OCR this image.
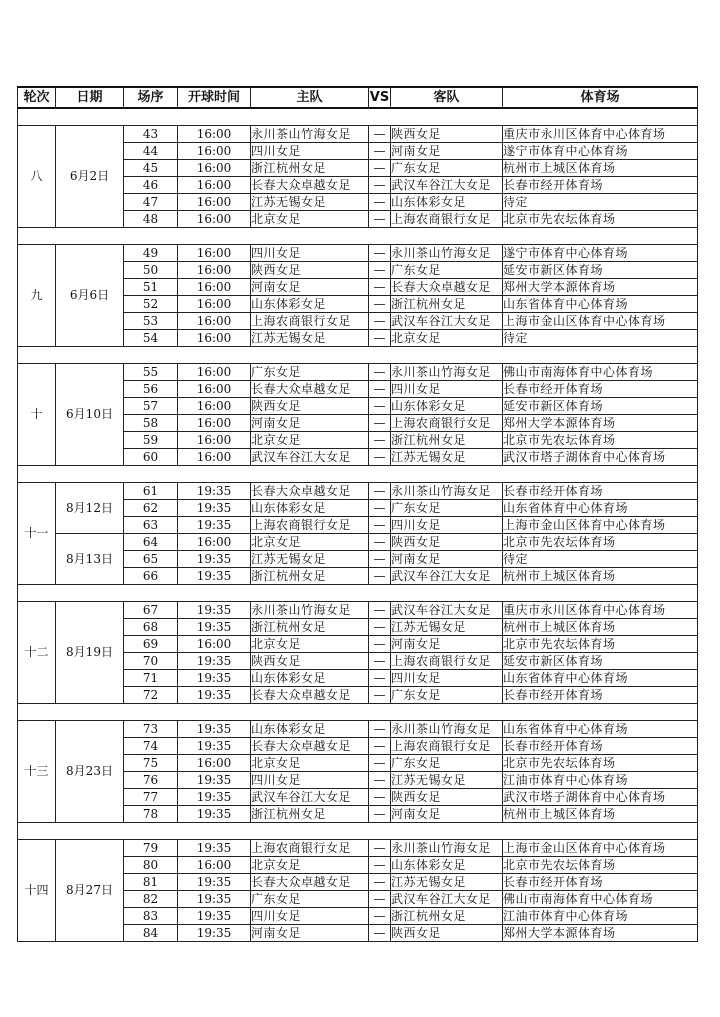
轮次	日期	场序	开球时间	主队	VS	客队	体育场

八	6月2日	43	16:00	永川茶山竹海女足	—	陕西女足	重庆市永川区体育中心体育场
		44	16:00	四川女足	—	河南女足	遂宁市体育中心体育场
		45	16:00	浙江杭州女足	—	广东女足	杭州市上城区体育场
		46	16:00	长春大众卓越女足	—	武汉车谷江大女足	长春市经开体育场
		47	16:00	江苏无锡女足	—	山东体彩女足	待定
		48	16:00	北京女足	—	上海农商银行女足	北京市先农坛体育场

九	6月6日	49	16:00	四川女足	—	永川茶山竹海女足	遂宁市体育中心体育场
		50	16:00	陕西女足	—	广东女足	延安市新区体育场
		51	16:00	河南女足	—	长春大众卓越女足	郑州大学本源体育场
		52	16:00	山东体彩女足	—	浙江杭州女足	山东省体育中心体育场
		53	16:00	上海农商银行女足	—	武汉车谷江大女足	上海市金山区体育中心体育场
		54	16:00	江苏无锡女足	—	北京女足	待定

十	6月10日	55	16:00	广东女足	—	永川茶山竹海女足	佛山市南海体育中心体育场
		56	16:00	长春大众卓越女足	—	四川女足	长春市经开体育场
		57	16:00	陕西女足	—	山东体彩女足	延安市新区体育场
		58	16:00	河南女足	—	上海农商银行女足	郑州大学本源体育场
		59	16:00	北京女足	—	浙江杭州女足	北京市先农坛体育场
		60	16:00	武汉车谷江大女足	—	江苏无锡女足	武汉市塔子湖体育中心体育场

十一	8月12日	61	19:35	长春大众卓越女足	—	永川茶山竹海女足	长春市经开体育场
		62	19:35	山东体彩女足	—	广东女足	山东省体育中心体育场
		63	19:35	上海农商银行女足	—	四川女足	上海市金山区体育中心体育场
	8月13日	64	16:00	北京女足	—	陕西女足	北京市先农坛体育场
		65	19:35	江苏无锡女足	—	河南女足	待定
		66	19:35	浙江杭州女足	—	武汉车谷江大女足	杭州市上城区体育场

十二	8月19日	67	19:35	永川茶山竹海女足	—	武汉车谷江大女足	重庆市永川区体育中心体育场
		68	19:35	浙江杭州女足	—	江苏无锡女足	杭州市上城区体育场
		69	16:00	北京女足	—	河南女足	北京市先农坛体育场
		70	19:35	陕西女足	—	上海农商银行女足	延安市新区体育场
		71	19:35	山东体彩女足	—	四川女足	山东省体育中心体育场
		72	19:35	长春大众卓越女足	—	广东女足	长春市经开体育场

十三	8月23日	73	19:35	山东体彩女足	—	永川茶山竹海女足	山东省体育中心体育场
		74	19:35	长春大众卓越女足	—	上海农商银行女足	长春市经开体育场
		75	16:00	北京女足	—	广东女足	北京市先农坛体育场
		76	19:35	四川女足	—	江苏无锡女足	江油市体育中心体育场
		77	19:35	武汉车谷江大女足	—	陕西女足	武汉市塔子湖体育中心体育场
		78	19:35	浙江杭州女足	—	河南女足	杭州市上城区体育场

十四	8月27日	79	19:35	上海农商银行女足	—	永川茶山竹海女足	上海市金山区体育中心体育场
		80	16:00	北京女足	—	山东体彩女足	北京市先农坛体育场
		81	19:35	长春大众卓越女足	—	江苏无锡女足	长春市经开体育场
		82	19:35	广东女足	—	武汉车谷江大女足	佛山市南海体育中心体育场
		83	19:35	四川女足	—	浙江杭州女足	江油市体育中心体育场
		84	19:35	河南女足	—	陕西女足	郑州大学本源体育场
